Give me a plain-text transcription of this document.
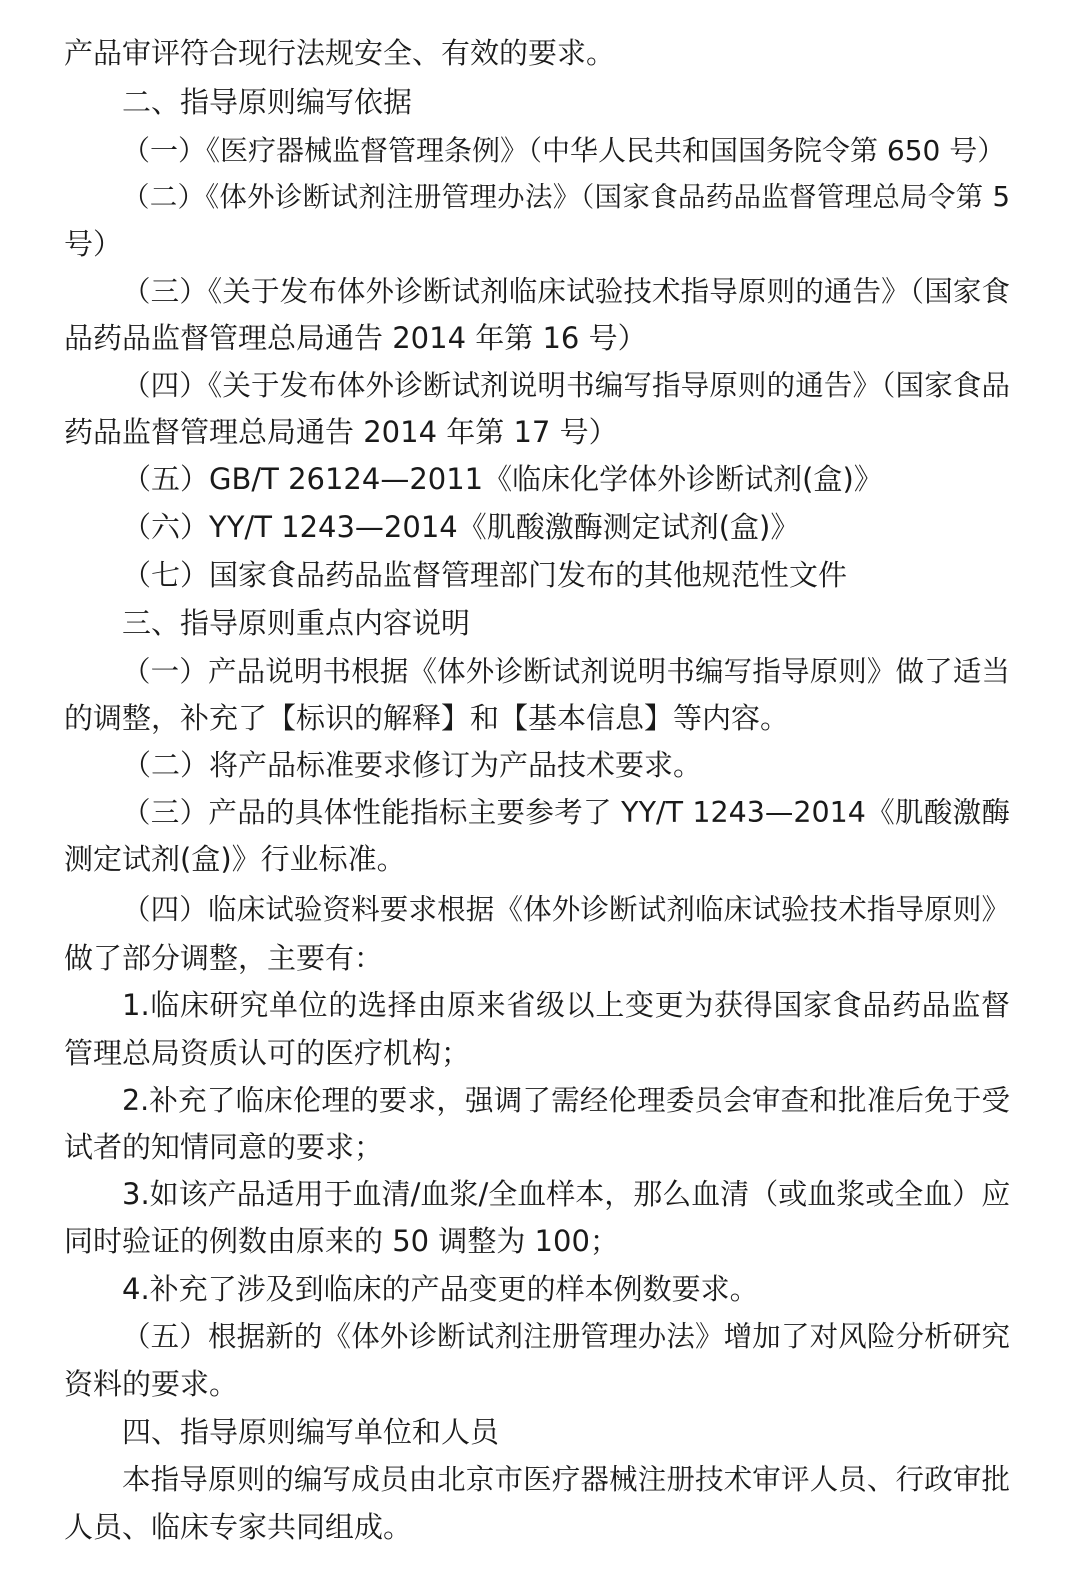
产品审评符合现行法规安全、有效的要求。
二、指导原则编写依据
（一）《医疗器械监督管理条例》（中华人民共和国国务院令第 650 号）
（二）《体外诊断试剂注册管理办法》（国家食品药品监督管理总局令第 5
号）
（三）《关于发布体外诊断试剂临床试验技术指导原则的通告》（国家食
品药品监督管理总局通告 2014 年第 16 号）
（四）《关于发布体外诊断试剂说明书编写指导原则的通告》（国家食品
药品监督管理总局通告 2014 年第 17 号）
（五）GB/T 26124—2011《临床化学体外诊断试剂(盒)》
（六）YY/T 1243—2014《肌酸激酶测定试剂(盒)》
（七）国家食品药品监督管理部门发布的其他规范性文件
三、指导原则重点内容说明
（一）产品说明书根据《体外诊断试剂说明书编写指导原则》做了适当
的调整，补充了【标识的解释】和【基本信息】等内容。
（二）将产品标准要求修订为产品技术要求。
（三）产品的具体性能指标主要参考了 YY/T 1243—2014《肌酸激酶
测定试剂(盒)》行业标准。
（四）临床试验资料要求根据《体外诊断试剂临床试验技术指导原则》
做了部分调整，主要有：
1.临床研究单位的选择由原来省级以上变更为获得国家食品药品监督
管理总局资质认可的医疗机构；
2.补充了临床伦理的要求，强调了需经伦理委员会审查和批准后免于受
试者的知情同意的要求；
3.如该产品适用于血清/血浆/全血样本，那么血清（或血浆或全血）应
同时验证的例数由原来的 50 调整为 100；
4.补充了涉及到临床的产品变更的样本例数要求。
（五）根据新的《体外诊断试剂注册管理办法》增加了对风险分析研究
资料的要求。
四、指导原则编写单位和人员
本指导原则的编写成员由北京市医疗器械注册技术审评人员、行政审批
人员、临床专家共同组成。
